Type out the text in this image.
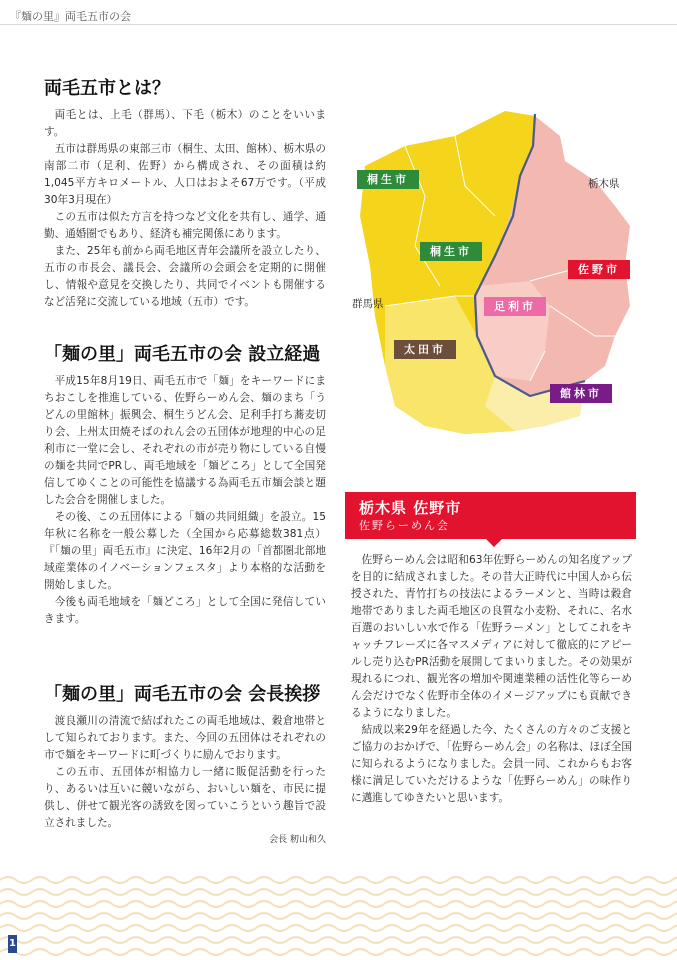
『麺の里』両毛五市の会
両毛五市とは？

両毛とは、上毛（群馬）、下毛（栃木）のことをいいます。

五市は群馬県の東部三市（桐生、太田、館林）、栃木県の南部二市（足利、佐野）から構成され、その面積は約1,045平方キロメートル、人口はおよそ67万です。（平成30年3月現在）

この五市は似た方言を持つなど文化を共有し、通学、通勤、通婚圏でもあり、経済も補完関係にあります。

また、25年も前から両毛地区青年会議所を設立したり、五市の市長会、議長会、会議所の会頭会を定期的に開催し、情報や意見を交換したり、共同でイベントも開催するなど活発に交流している地域（五市）です。

「麺の里」両毛五市の会 設立経過

平成15年8月19日、両毛五市で「麺」をキーワードにまちおこしを推進している、佐野らーめん会、麺のまち「うどんの里館林」振興会、桐生うどん会、足利手打ち蕎麦切り会、上州太田焼そばのれん会の五団体が地理的中心の足利市に一堂に会し、それぞれの市が売り物にしている自慢の麺を共同でPRし、両毛地域を「麺どころ」として全国発信してゆくことの可能性を協議する為両毛五市麺会談と題した会合を開催しました。

その後、この五団体による「麺の共同組織」を設立。15年秋に名称を一般公募した（全国から応募総数381点）『「麺の里」両毛五市』に決定、16年2月の「首都圏北部地域産業体のイノベーションフェスタ」より本格的な活動を開始しました。

今後も両毛地域を「麺どころ」として全国に発信していきます。

「麺の里」両毛五市の会 会長挨拶

渡良瀬川の清流で結ばれたこの両毛地域は、穀倉地帯として知られております。また、今回の五団体はそれぞれの市で麺をキーワードに町づくりに励んでおります。

この五市、五団体が相協力し一緒に販促活動を行ったり、あるいは互いに競いながら、おいしい麺を、市民に提供し、併せて観光客の誘致を図っていこうという趣旨で設立されました。

会長 籾山和久

桐生市
桐生市
佐野市
足利市
太田市
館林市
栃木県
群馬県
栃木県 佐野市
佐野らーめん会

佐野らーめん会は昭和63年佐野らーめんの知名度アップを目的に結成されました。その昔大正時代に中国人から伝授された、青竹打ちの技法によるラーメンと、当時は穀倉地帯でありました両毛地区の良質な小麦粉、それに、名水百選のおいしい水で作る「佐野ラーメン」としてこれをキャッチフレーズに各マスメディアに対して徹底的にアピールし売り込むPR活動を展開してまいりました。その効果が現れるにつれ、観光客の増加や関連業種の活性化等らーめん会だけでなく佐野市全体のイメージアップにも貢献できるようになりました。

結成以来29年を経過した今、たくさんの方々のご支援とご協力のおかげで、「佐野らーめん会」の名称は、ほぼ全国に知られるようになりました。会員一同、これからもお客様に満足していただけるような「佐野らーめん」の味作りに邁進してゆきたいと思います。

1
